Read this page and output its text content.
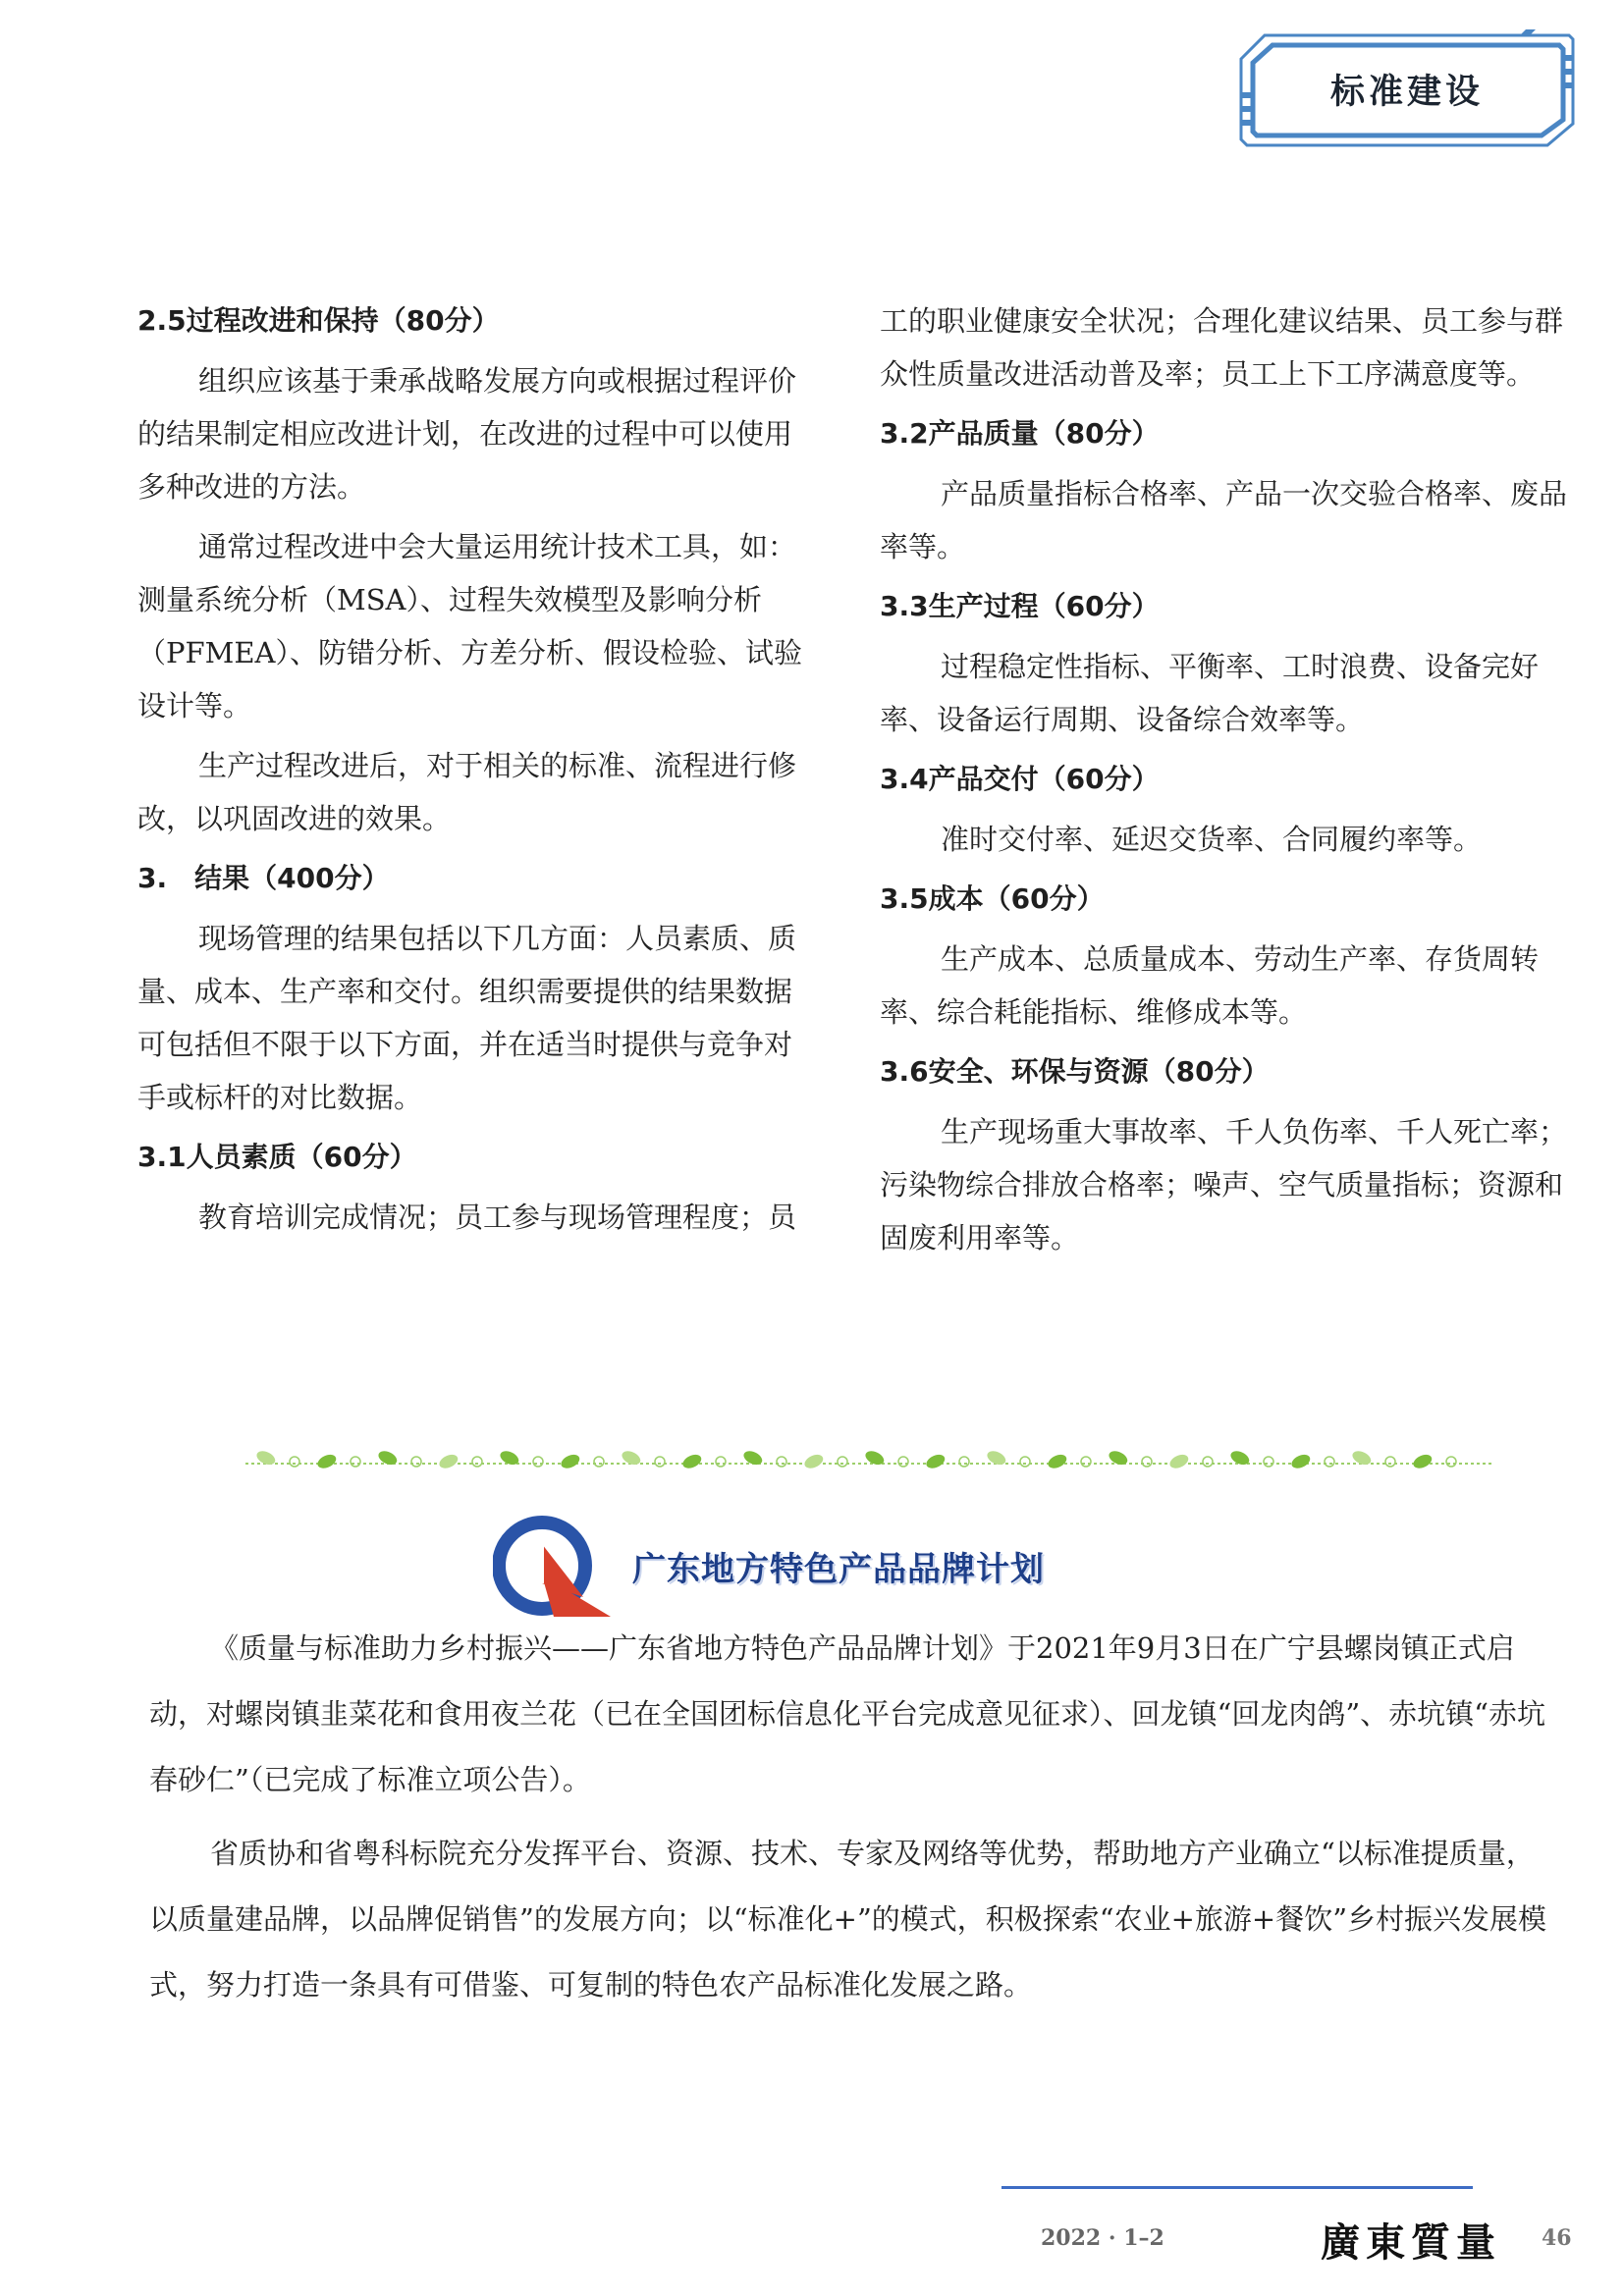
标准建设

2.5过程改进和保持（80分）

组织应该基于秉承战略发展方向或根据过程评价的结果制定相应改进计划，在改进的过程中可以使用多种改进的方法。

通常过程改进中会大量运用统计技术工具，如：测量系统分析（MSA）、过程失效模型及影响分析（PFMEA）、防错分析、方差分析、假设检验、试验设计等。

生产过程改进后，对于相关的标准、流程进行修改，以巩固改进的效果。

3.　结果（400分）

现场管理的结果包括以下几方面：人员素质、质量、成本、生产率和交付。组织需要提供的结果数据可包括但不限于以下方面，并在适当时提供与竞争对手或标杆的对比数据。

3.1人员素质（60分）

教育培训完成情况；员工参与现场管理程度；员

工的职业健康安全状况；合理化建议结果、员工参与群众性质量改进活动普及率；员工上下工序满意度等。

3.2产品质量（80分）

产品质量指标合格率、产品一次交验合格率、废品率等。

3.3生产过程（60分）

过程稳定性指标、平衡率、工时浪费、设备完好率、设备运行周期、设备综合效率等。

3.4产品交付（60分）

准时交付率、延迟交货率、合同履约率等。

3.5成本（60分）

生产成本、总质量成本、劳动生产率、存货周转率、综合耗能指标、维修成本等。

3.6安全、环保与资源（80分）

生产现场重大事故率、千人负伤率、千人死亡率；污染物综合排放合格率；噪声、空气质量指标；资源和固废利用率等。

广东地方特色产品品牌计划

《质量与标准助力乡村振兴——广东省地方特色产品品牌计划》于2021年9月3日在广宁县螺岗镇正式启动，对螺岗镇韭菜花和食用夜兰花（已在全国团标信息化平台完成意见征求）、回龙镇“回龙肉鸽”、赤坑镇“赤坑春砂仁”（已完成了标准立项公告）。

省质协和省粤科标院充分发挥平台、资源、技术、专家及网络等优势，帮助地方产业确立“以标准提质量，以质量建品牌，以品牌促销售”的发展方向；以“标准化+”的模式，积极探索“农业+旅游+餐饮”乡村振兴发展模式，努力打造一条具有可借鉴、可复制的特色农产品标准化发展之路。

2022 · 1–2	廣東質量 46
